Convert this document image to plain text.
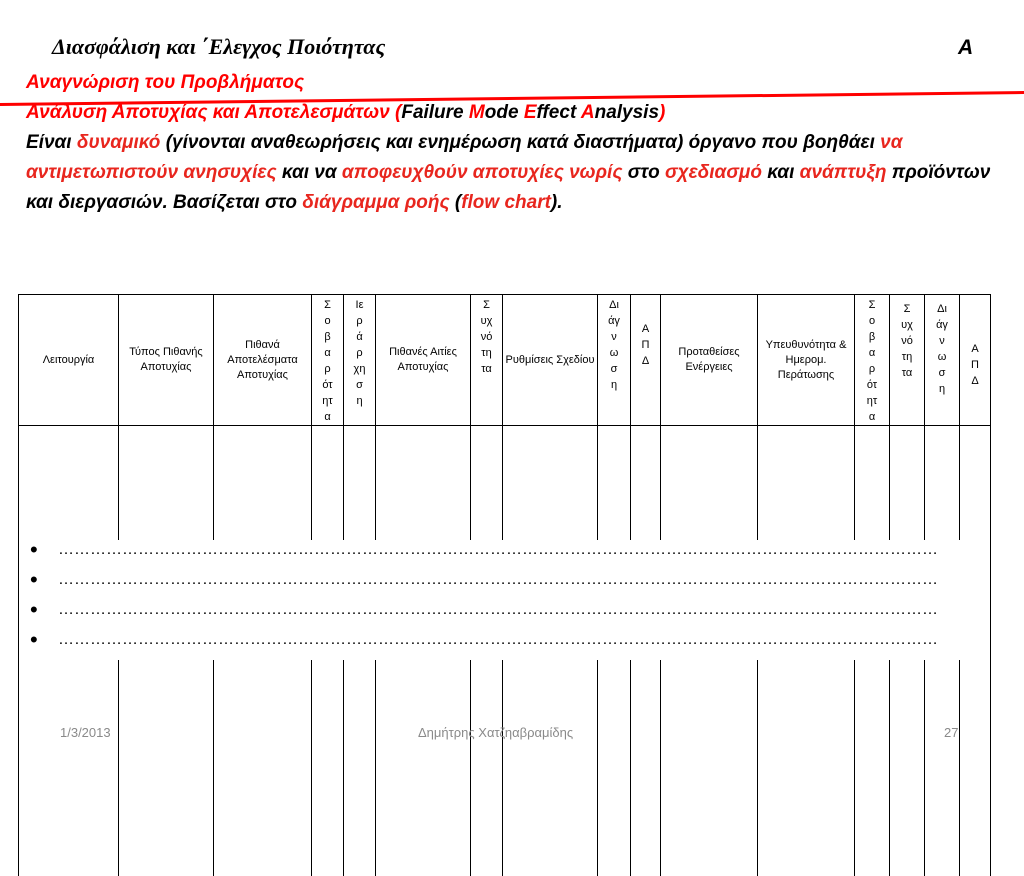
Διασφάλιση και ΄Ελεγχος Ποιότητας	Α

Αναγνώριση του Προβλήματος

Ανάλυση Αποτυχίας και Αποτελεσμάτων (Failure Mode Effect Analysis)

Είναι δυναμικό (γίνονται αναθεωρήσεις και ενημέρωση κατά διαστήματα) όργανο που βοηθάει να αντιμετωπιστούν ανησυχίες και να αποφευχθούν αποτυχίες νωρίς στο σχεδιασμό και ανάπτυξη προϊόντων και διεργασιών. Βασίζεται στο διάγραμμα ροής (flow chart).

Λειτουργία	Τύπος Πιθανής Αποτυχίας	Πιθανά Αποτελέσματα Αποτυχίας	Σοβαρότητα	Ιεράρχηση	Πιθανές Αιτίες Αποτυχίας	Συχνότητα	Ρυθμίσεις Σχεδίου	Διάγνωση	ΑΠΔ	Προταθείσες Ενέργειες	Υπευθυνότητα & Ημερομ. Περάτωσης	Σοβαρότητα	Συχνότητα	Διάγνωση	ΑΠΔ

•	…………………………………………………………………………………………………………………………………………………
•	…………………………………………………………………………………………………………………………………………………
•	…………………………………………………………………………………………………………………………………………………
•	…………………………………………………………………………………………………………………………………………………
1/3/2013	Δημήτρης Χατζηαβραμίδης	27
